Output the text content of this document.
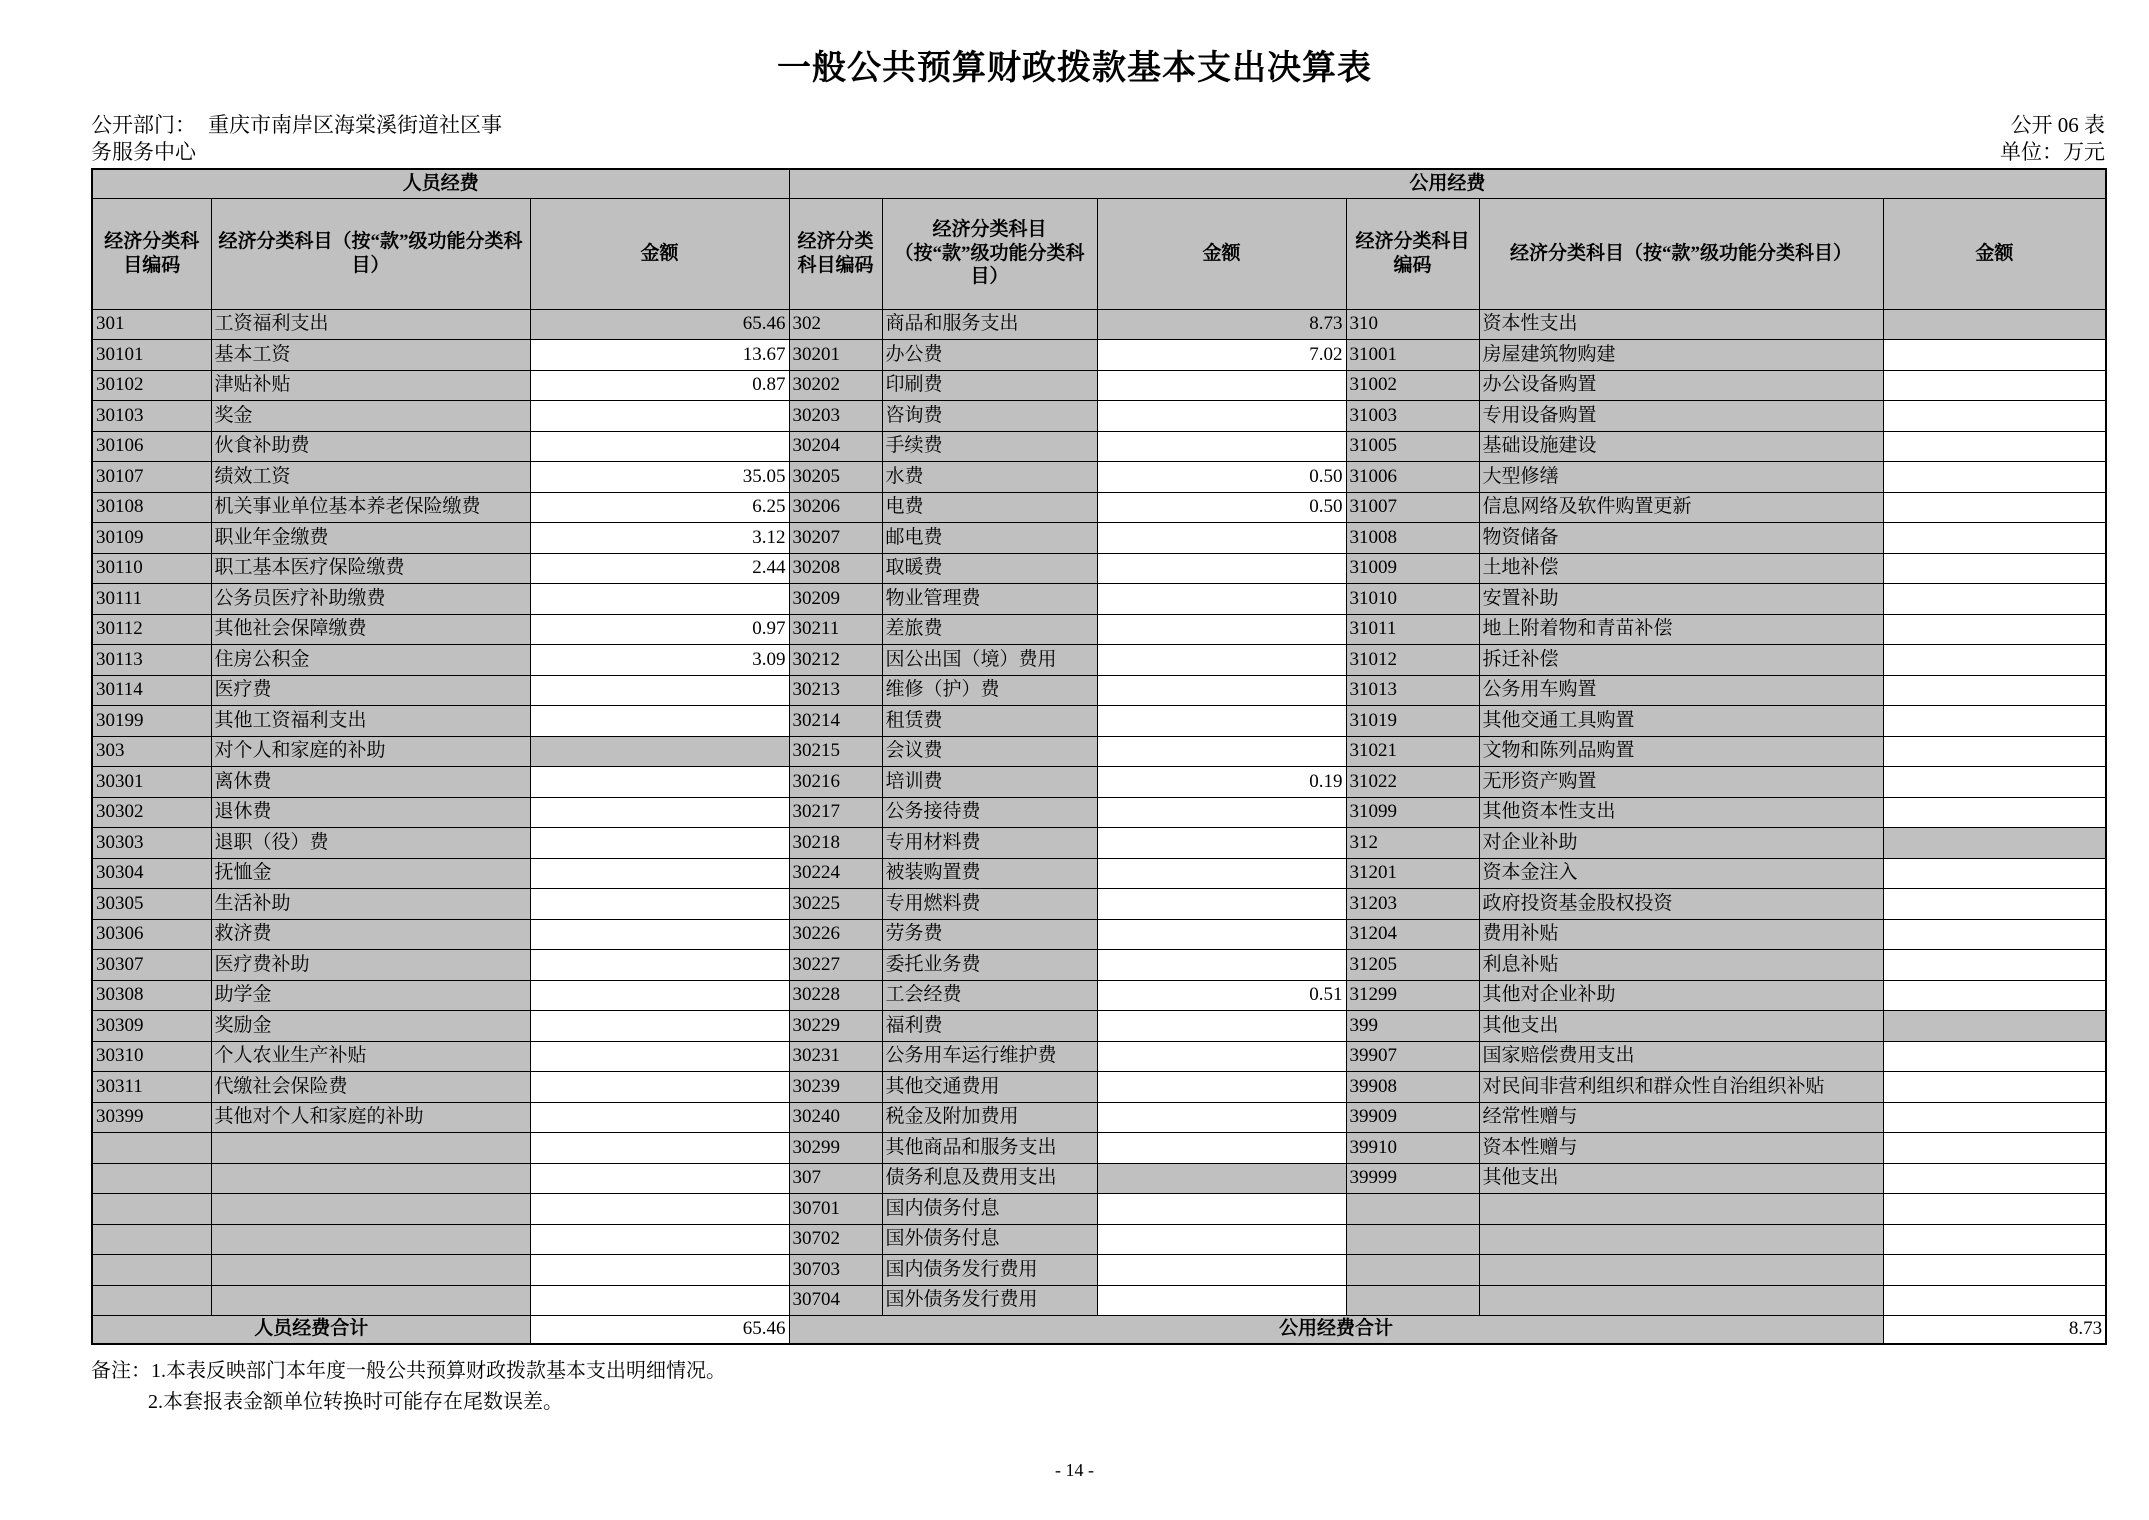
一般公共预算财政拨款基本支出决算表
公开部门： 重庆市南岸区海棠溪街道社区事务服务中心
公开 06 表
单位：万元
人员经费			公用经费					
经济分类科目编码	经济分类科目（按“款”级功能分类科目）	金额	经济分类科目编码	经济分类科目（按“款”级功能分类科目）	金额	经济分类科目编码	经济分类科目（按“款”级功能分类科目）	金额
301	工资福利支出	65.46	302	商品和服务支出	8.73	310	资本性支出	
30101	基本工资	13.67	30201	办公费	7.02	31001	房屋建筑物购建	
30102	津贴补贴	0.87	30202	印刷费		31002	办公设备购置	
30103	奖金		30203	咨询费		31003	专用设备购置	
30106	伙食补助费		30204	手续费		31005	基础设施建设	
30107	绩效工资	35.05	30205	水费	0.50	31006	大型修缮	
30108	机关事业单位基本养老保险缴费	6.25	30206	电费	0.50	31007	信息网络及软件购置更新	
30109	职业年金缴费	3.12	30207	邮电费		31008	物资储备	
30110	职工基本医疗保险缴费	2.44	30208	取暖费		31009	土地补偿	
30111	公务员医疗补助缴费		30209	物业管理费		31010	安置补助	
30112	其他社会保障缴费	0.97	30211	差旅费		31011	地上附着物和青苗补偿	
30113	住房公积金	3.09	30212	因公出国（境）费用		31012	拆迁补偿	
30114	医疗费		30213	维修（护）费		31013	公务用车购置	
30199	其他工资福利支出		30214	租赁费		31019	其他交通工具购置	
303	对个人和家庭的补助		30215	会议费		31021	文物和陈列品购置	
30301	离休费		30216	培训费	0.19	31022	无形资产购置	
30302	退休费		30217	公务接待费		31099	其他资本性支出	
30303	退职（役）费		30218	专用材料费		312	对企业补助	
30304	抚恤金		30224	被装购置费		31201	资本金注入	
30305	生活补助		30225	专用燃料费		31203	政府投资基金股权投资	
30306	救济费		30226	劳务费		31204	费用补贴	
30307	医疗费补助		30227	委托业务费		31205	利息补贴	
30308	助学金		30228	工会经费	0.51	31299	其他对企业补助	
30309	奖励金		30229	福利费		399	其他支出	
30310	个人农业生产补贴		30231	公务用车运行维护费		39907	国家赔偿费用支出	
30311	代缴社会保险费		30239	其他交通费用		39908	对民间非营利组织和群众性自治组织补贴	
30399	其他对个人和家庭的补助		30240	税金及附加费用		39909	经常性赠与	
			30299	其他商品和服务支出		39910	资本性赠与	
			307	债务利息及费用支出		39999	其他支出	
			30701	国内债务付息				
			30702	国外债务付息				
			30703	国内债务发行费用				
			30704	国外债务发行费用				
人员经费合计		65.46	公用经费合计					8.73
备注：1.本表反映部门本年度一般公共预算财政拨款基本支出明细情况。
2.本套报表金额单位转换时可能存在尾数误差。
- 14 -
